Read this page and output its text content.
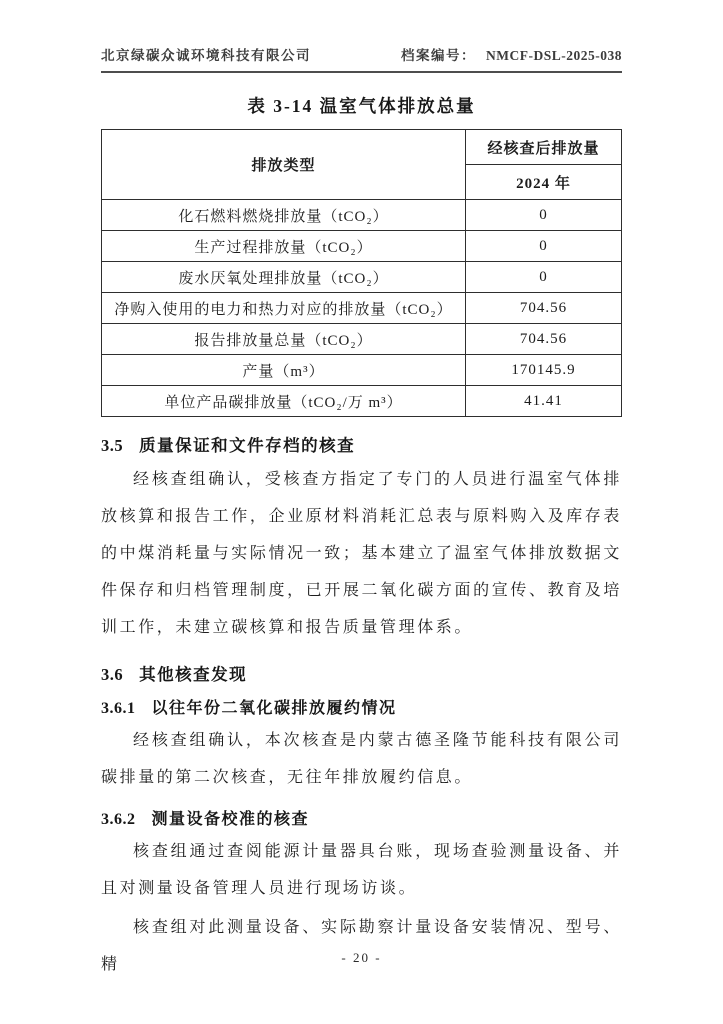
北京绿碳众诚环境科技有限公司	档案编号： NMCF-DSL-2025-038
表 3-14 温室气体排放总量
排放类型	经核查后排放量
	2024 年
化石燃料燃烧排放量（tCO₂）	0
生产过程排放量（tCO₂）	0
废水厌氧处理排放量（tCO₂）	0
净购入使用的电力和热力对应的排放量（tCO₂）	704.56
报告排放量总量（tCO₂）	704.56
产量（m³）	170145.9
单位产品碳排放量（tCO₂/万 m³）	41.41
3.5 质量保证和文件存档的核查

经核查组确认，受核查方指定了专门的人员进行温室气体排放核算和报告工作，企业原材料消耗汇总表与原料购入及库存表的中煤消耗量与实际情况一致；基本建立了温室气体排放数据文件保存和归档管理制度，已开展二氧化碳方面的宣传、教育及培训工作，未建立碳核算和报告质量管理体系。

3.6 其他核查发现
3.6.1 以往年份二氧化碳排放履约情况

经核查组确认，本次核查是内蒙古德圣隆节能科技有限公司碳排量的第二次核查，无往年排放履约信息。

3.6.2 测量设备校准的核查

核查组通过查阅能源计量器具台账，现场查验测量设备、并且对测量设备管理人员进行现场访谈。

核查组对此测量设备、实际勘察计量设备安装情况、型号、精	- 20 -
